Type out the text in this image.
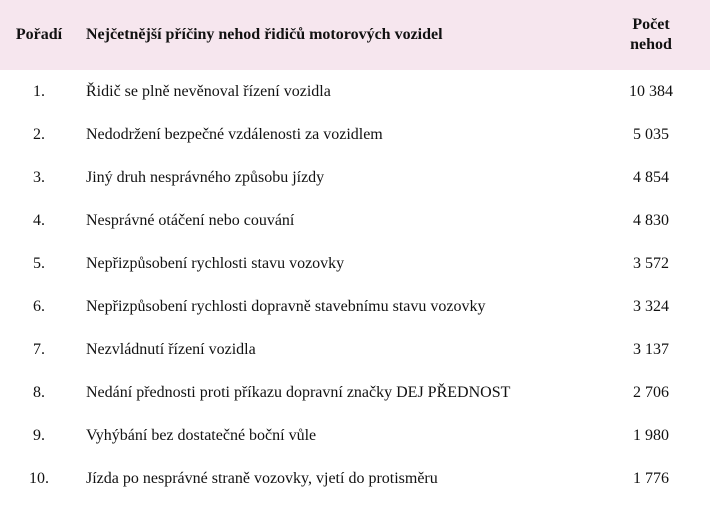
Pořadí	Nejčetnější příčiny nehod řidičů motorových vozidel	Počet
nehod

1.	Řidič se plně nevěnoval řízení vozidla	10 384
2.	Nedodržení bezpečné vzdálenosti za vozidlem	5 035
3.	Jiný druh nesprávného způsobu jízdy	4 854
4.	Nesprávné otáčení nebo couvání	4 830
5.	Nepřizpůsobení rychlosti stavu vozovky	3 572
6.	Nepřizpůsobení rychlosti dopravně stavebnímu stavu vozovky	3 324
7.	Nezvládnutí řízení vozidla	3 137
8.	Nedání přednosti proti příkazu dopravní značky DEJ PŘEDNOST	2 706
9.	Vyhýbání bez dostatečné boční vůle	1 980
10.	Jízda po nesprávné straně vozovky, vjetí do protisměru	1 776
